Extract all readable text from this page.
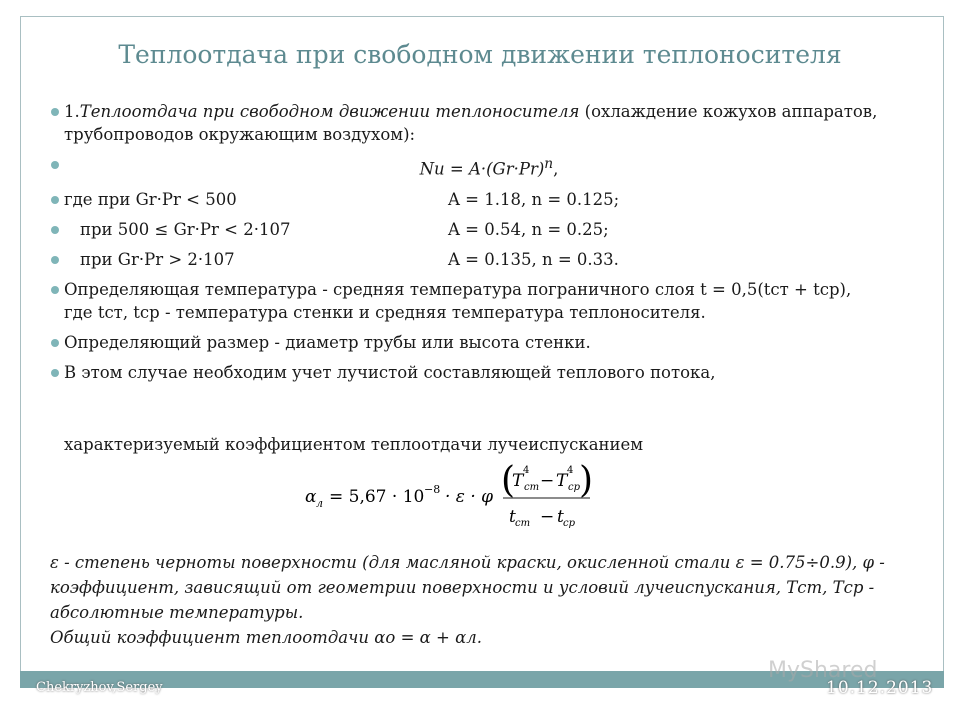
Теплоотдача при свободном движении теплоносителя
1.Теплоотдача при свободном движении теплоносителя (охлаждение кожухов аппаратов, трубопроводов окружающим воздухом):
$Nu = A\cdot(Gr\cdot Pr)^n$,
где при Gr·Pr < 500	A = 1.18, n = 0.125;
при 500 ≤ Gr·Pr < 2·107	A = 0.54, n = 0.25;
при Gr·Pr > 2·107	A = 0.135, n = 0.33.
Определяющая температура - средняя температура пограничного слоя t = 0,5(tст + tср), где tст, tср - температура стенки и средняя температура теплоносителя.
Определяющий размер - диаметр трубы или высота стенки.
В этом случае необходим учет лучистой составляющей теплового потока,
характеризуемый коэффициентом теплоотдачи лучеиспусканием
α л = 5,67 · 10 −8 · ε · φ (
T ст
4
− T ср
4 )
t ст − t ср
ε - степень черноты поверхности (для масляной краски, окисленной стали ε = 0.75÷0.9), φ - коэффициент, зависящий от геометрии поверхности и условий лучеиспускания, Тст, Тср - абсолютные температуры.
Общий коэффициент теплоотдачи αо = α + αл.
MyShared
Chekryzhov,Sergey	10.12.2013
